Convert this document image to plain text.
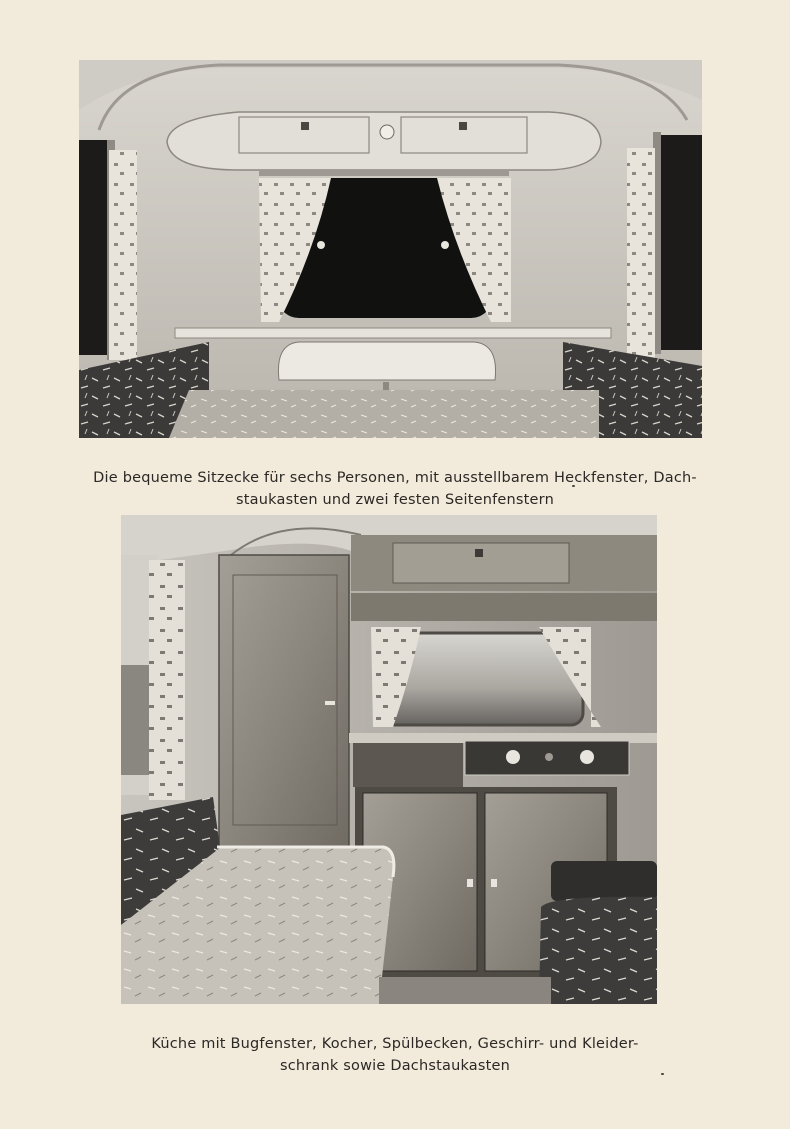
Die bequeme Sitzecke für sechs Personen, mit ausstellbarem Heckfenster, Dach-
staukasten und zwei festen Seitenfenstern

Küche mit Bugfenster, Kocher, Spülbecken, Geschirr- und Kleider-
schrank sowie Dachstaukasten
